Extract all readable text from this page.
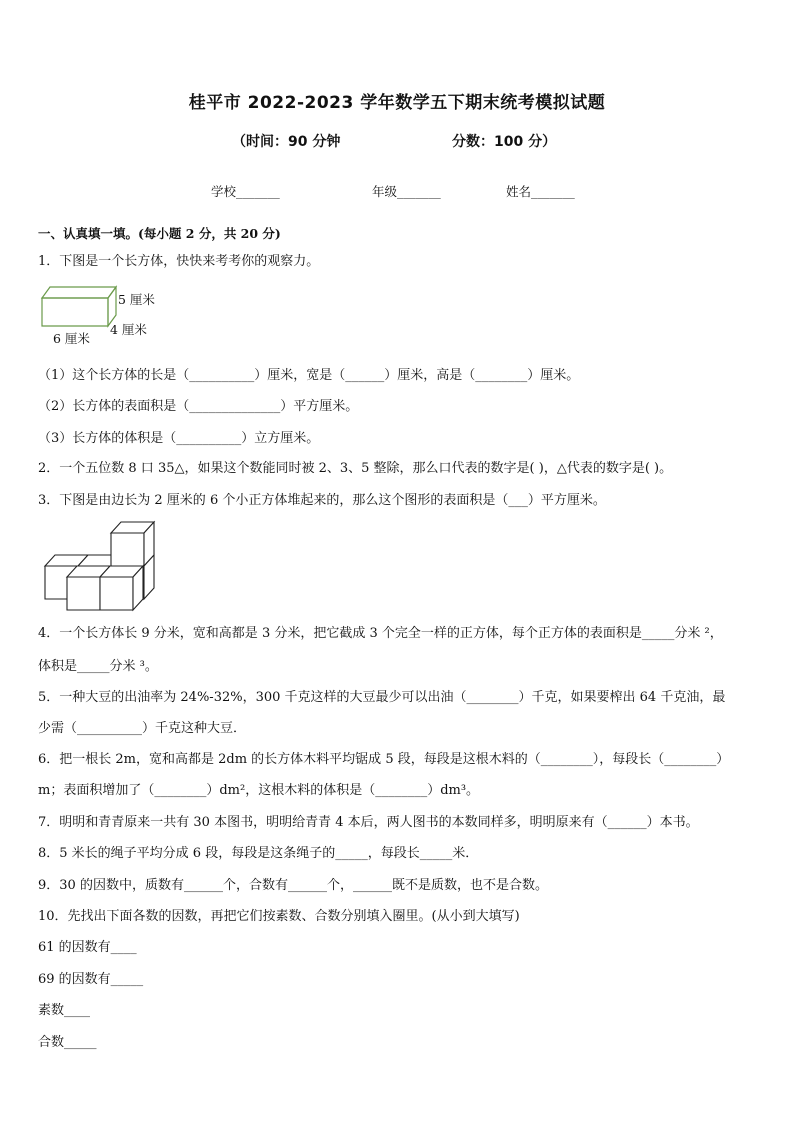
桂平市 2022-2023 学年数学五下期末统考模拟试题
（时间：90 分钟	分数：100 分）
学校_______	年级_______	姓名_______
一、认真填一填。(每小题 2 分，共 20 分)
1．下图是一个长方体，快快来考考你的观察力。
5 厘米
4 厘米
6 厘米
（1）这个长方体的长是（__________）厘米，宽是（______）厘米，高是（________）厘米。
（2）长方体的表面积是（______________）平方厘米。
（3）长方体的体积是（__________）立方厘米。
2．一个五位数 8 口 35△，如果这个数能同时被 2、3、5 整除，那么口代表的数字是( )，△代表的数字是( )。
3．下图是由边长为 2 厘米的 6 个小正方体堆起来的，那么这个图形的表面积是（___）平方厘米。
4．一个长方体长 9 分米，宽和高都是 3 分米，把它截成 3 个完全一样的正方体，每个正方体的表面积是_____分米 ²，
体积是_____分米 ³。
5．一种大豆的出油率为 24%-32%，300 千克这样的大豆最少可以出油（________）千克，如果要榨出 64 千克油，最
少需（__________）千克这种大豆．
6．把一根长 2m，宽和高都是 2dm 的长方体木料平均锯成 5 段，每段是这根木料的（________），每段长（________）
m；表面积增加了（________）dm²，这根木料的体积是（________）dm³。
7．明明和青青原来一共有 30 本图书，明明给青青 4 本后，两人图书的本数同样多，明明原来有（______）本书。
8．5 米长的绳子平均分成 6 段，每段是这条绳子的_____，每段长_____米．
9．30 的因数中，质数有______个，合数有______个，______既不是质数，也不是合数。
10．先找出下面各数的因数，再把它们按素数、合数分别填入圈里。(从小到大填写)
61 的因数有____
69 的因数有_____
素数____
合数_____
